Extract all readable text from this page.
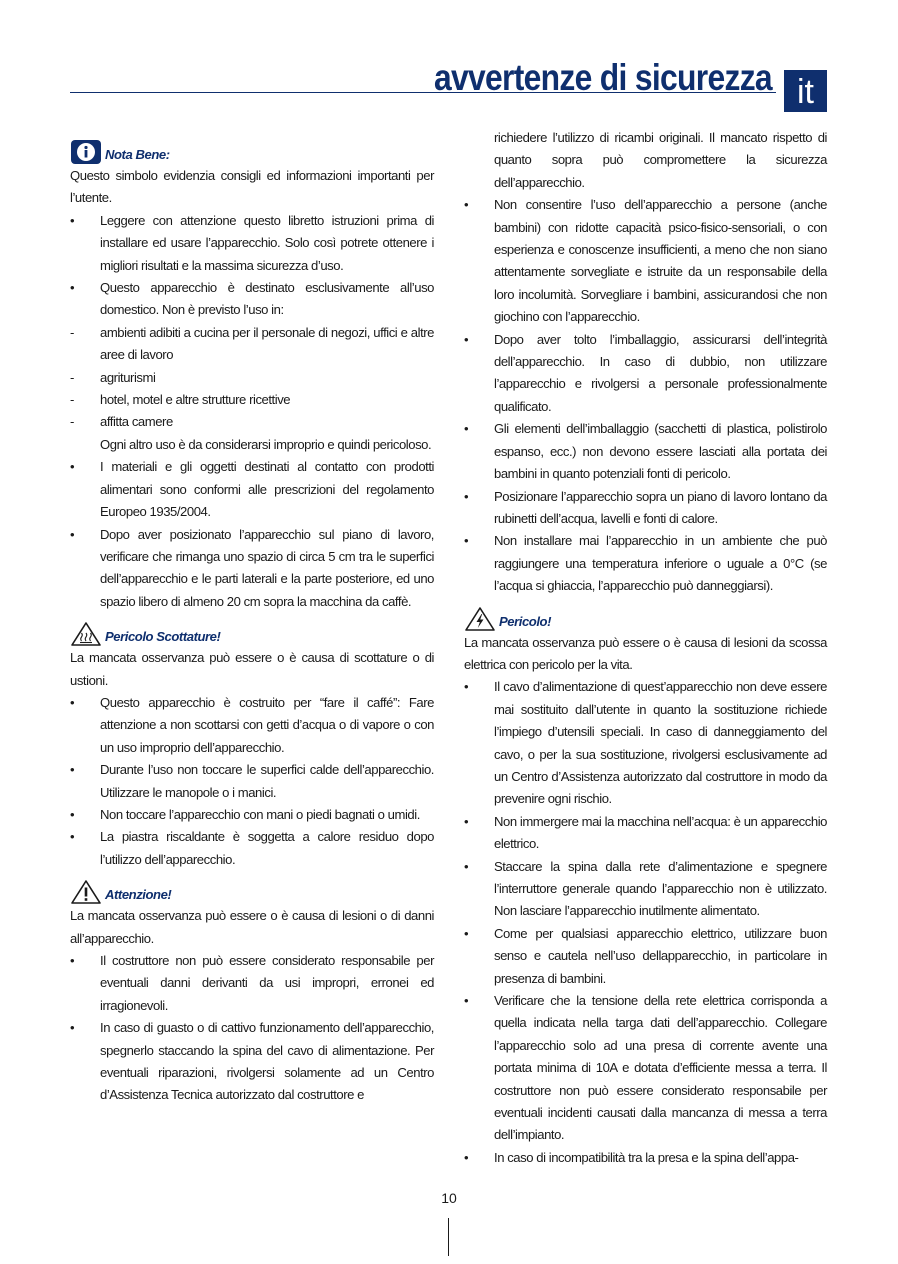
avvertenze di sicurezza it
Nota Bene:

Questo simbolo evidenzia consigli ed informazioni importanti per l’utente.

•	Leggere con attenzione questo libretto istruzioni prima di installare ed usare l’apparecchio. Solo così potrete ottenere i migliori risultati e la massima sicurezza d’uso.
•	Questo apparecchio è destinato esclusivamente all’uso domestico. Non è previsto l’uso in:
-	ambienti adibiti a cucina per il personale di negozi, uffici e altre aree di lavoro
-	agriturismi
-	hotel, motel e altre strutture ricettive
-	affitta camere
Ogni altro uso è da considerarsi improprio e quindi pericoloso.
•	I materiali e gli oggetti destinati al contatto con prodotti alimentari sono conformi alle prescrizioni del regolamento Europeo 1935/2004.
•	Dopo aver posizionato l’apparecchio sul piano di lavoro, verificare che rimanga uno spazio di circa 5 cm tra le superfici dell’apparecchio e le parti laterali e la parte posteriore, ed uno spazio libero di almeno 20 cm sopra la macchina da caffè.
Pericolo Scottature!

La mancata osservanza può essere o è causa di scottature o di ustioni.

•	Questo apparecchio è costruito per “fare il caffé”: Fare attenzione a non scottarsi con getti d’acqua o di vapore o con un uso improprio dell’apparecchio.
•	Durante l’uso non toccare le superfici calde dell’apparecchio. Utilizzare le manopole o i manici.
•	Non toccare l’apparecchio con mani o piedi bagnati o umidi.
•	La piastra riscaldante è soggetta a calore residuo dopo l’utilizzo dell’apparecchio.
Attenzione!

La mancata osservanza può essere o è causa di lesioni o di danni all’apparecchio.

•	Il costruttore non può essere considerato responsabile per eventuali danni derivanti da usi impropri, erronei ed irragionevoli.
•	In caso di guasto o di cattivo funzionamento dell’apparecchio, spegnerlo staccando la spina del cavo di alimentazione. Per eventuali riparazioni, rivolgersi solamente ad un Centro d’Assistenza Tecnica autorizzato dal costruttore e
richiedere l’utilizzo di ricambi originali. Il mancato rispetto di quanto sopra può compromettere la sicurezza dell’apparecchio.
•	Non consentire l’uso dell’apparecchio a persone (anche bambini) con ridotte capacità psico-fisico-sensoriali, o con esperienza e conoscenze insufficienti, a meno che non siano attentamente sorvegliate e istruite da un responsabile della loro incolumità. Sorvegliare i bambini, assicurandosi che non giochino con l’apparecchio.
•	Dopo aver tolto l’imballaggio, assicurarsi dell’integrità dell’apparecchio. In caso di dubbio, non utilizzare l’apparecchio e rivolgersi a personale professionalmente qualificato.
•	Gli elementi dell’imballaggio (sacchetti di plastica, polistirolo espanso, ecc.) non devono essere lasciati alla portata dei bambini in quanto potenziali fonti di pericolo.
•	Posizionare l’apparecchio sopra un piano di lavoro lontano da rubinetti dell’acqua, lavelli e fonti di calore.
•	Non installare mai l’apparecchio in un ambiente che può raggiungere una temperatura inferiore o uguale a 0°C (se l’acqua si ghiaccia, l’apparecchio può danneggiarsi).
Pericolo!

La mancata osservanza può essere o è causa di lesioni da scossa elettrica con pericolo per la vita.

•	Il cavo d’alimentazione di quest’apparecchio non deve essere mai sostituito dall’utente in quanto la sostituzione richiede l’impiego d’utensili speciali. In caso di danneggiamento del cavo, o per la sua sostituzione, rivolgersi esclusivamente ad un Centro d’Assistenza autorizzato dal costruttore in modo da prevenire ogni rischio.
•	Non immergere mai la macchina nell’acqua: è un apparecchio elettrico.
•	Staccare la spina dalla rete d’alimentazione e spegnere l’interruttore generale quando l’apparecchio non è utilizzato. Non lasciare l’apparecchio inutilmente alimentato.
•	Come per qualsiasi apparecchio elettrico, utilizzare buon senso e cautela nell’uso dellapparecchio, in particolare in presenza di bambini.
•	Verificare che la tensione della rete elettrica corrisponda a quella indicata nella targa dati dell’apparecchio. Collegare l’apparecchio solo ad una presa di corrente avente una portata minima di 10A e dotata d’efficiente messa a terra. Il costruttore non può essere considerato responsabile per eventuali incidenti causati dalla mancanza di messa a terra dell’impianto.
•	In caso di incompatibilità tra la presa e la spina dell’appa-
10
